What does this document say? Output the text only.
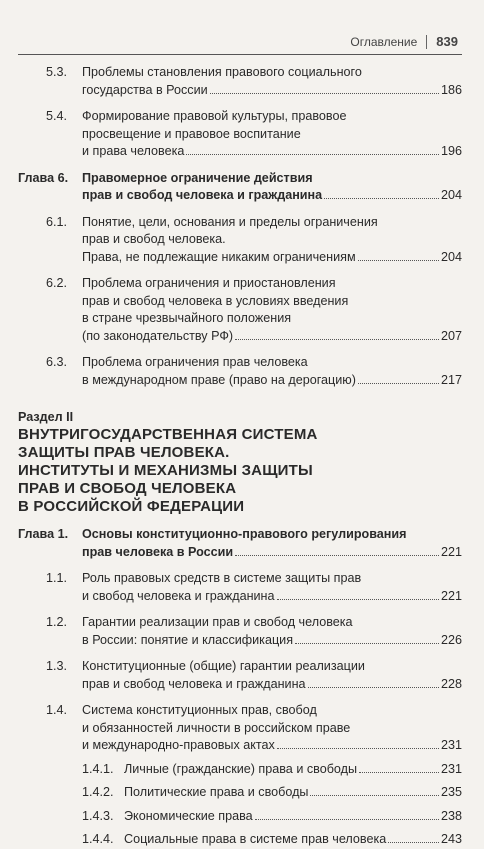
Оглавление 839
5.3. Проблемы становления правового социального
государства в России	186
5.4. Формирование правовой культуры, правовое
просвещение и правовое воспитание
и права человека	196
Глава 6. Правомерное ограничение действия
прав и свобод человека и гражданина	204
6.1. Понятие, цели, основания и пределы ограничения
прав и свобод человека.
Права, не подлежащие никаким ограничениям	204
6.2. Проблема ограничения и приостановления
прав и свобод человека в условиях введения
в стране чрезвычайного положения
(по законодательству РФ)	207
6.3. Проблема ограничения прав человека
в международном праве (право на дерогацию)	217
Раздел II
ВНУТРИГОСУДАРСТВЕННАЯ СИСТЕМА
ЗАЩИТЫ ПРАВ ЧЕЛОВЕКА.
ИНСТИТУТЫ И МЕХАНИЗМЫ ЗАЩИТЫ
ПРАВ И СВОБОД ЧЕЛОВЕКА
В РОССИЙСКОЙ ФЕДЕРАЦИИ
Глава 1. Основы конституционно-правового регулирования
прав человека в России	221
1.1. Роль правовых средств в системе защиты прав
и свобод человека и гражданина	221
1.2. Гарантии реализации прав и свобод человека
в России: понятие и классификация	226
1.3. Конституционные (общие) гарантии реализации
прав и свобод человека и гражданина	228
1.4. Система конституционных прав, свобод
и обязанностей личности в российском праве
и международно-правовых актах	231
1.4.1. Личные (гражданские) права и свободы	231
1.4.2. Политические права и свободы	235
1.4.3. Экономические права	238
1.4.4. Социальные права в системе прав человека	243
